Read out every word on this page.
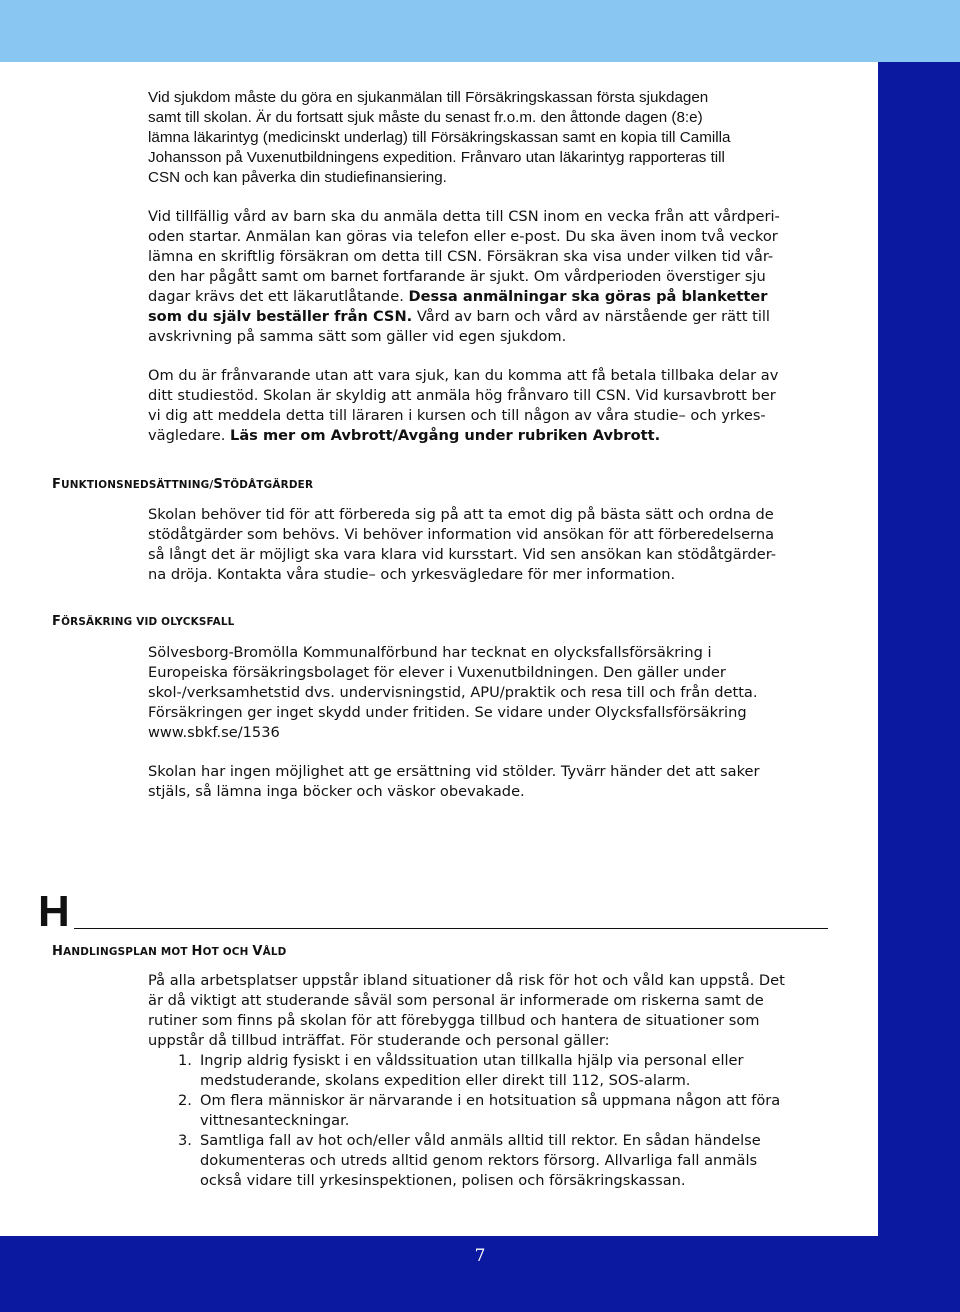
Vid sjukdom måste du göra en sjukanmälan till Försäkringskassan första sjukdagen
samt till skolan. Är du fortsatt sjuk måste du senast fr.o.m. den åttonde dagen (8:e)
lämna läkarintyg (medicinskt underlag) till Försäkringskassan samt en kopia till Camilla
Johansson på Vuxenutbildningens expedition. Frånvaro utan läkarintyg rapporteras till
CSN och kan påverka din studiefinansiering.
Vid tillfällig vård av barn ska du anmäla detta till CSN inom en vecka från att vårdperi-
oden startar. Anmälan kan göras via telefon eller e-post. Du ska även inom två veckor
lämna en skriftlig försäkran om detta till CSN. Försäkran ska visa under vilken tid vår-
den har pågått samt om barnet fortfarande är sjukt. Om vårdperioden överstiger sju
dagar krävs det ett läkarutlåtande. Dessa anmälningar ska göras på blanketter
som du själv beställer från CSN. Vård av barn och vård av närstående ger rätt till
avskrivning på samma sätt som gäller vid egen sjukdom.
Om du är frånvarande utan att vara sjuk, kan du komma att få betala tillbaka delar av
ditt studiestöd. Skolan är skyldig att anmäla hög frånvaro till CSN. Vid kursavbrott ber
vi dig att meddela detta till läraren i kursen och till någon av våra studie– och yrkes-
vägledare. Läs mer om Avbrott/Avgång under rubriken Avbrott.
FUNKTIONSNEDSÄTTNING/STÖDÅTGÄRDER
Skolan behöver tid för att förbereda sig på att ta emot dig på bästa sätt och ordna de
stödåtgärder som behövs. Vi behöver information vid ansökan för att förberedelserna
så långt det är möjligt ska vara klara vid kursstart. Vid sen ansökan kan stödåtgärder-
na dröja. Kontakta våra studie– och yrkesvägledare för mer information.
FÖRSÄKRING VID OLYCKSFALL
Sölvesborg-Bromölla Kommunalförbund har tecknat en olycksfallsförsäkring i
Europeiska försäkringsbolaget för elever i Vuxenutbildningen. Den gäller under
skol-/verksamhetstid dvs. undervisningstid, APU/praktik och resa till och från detta.
Försäkringen ger inget skydd under fritiden. Se vidare under Olycksfallsförsäkring
www.sbkf.se/1536
Skolan har ingen möjlighet att ge ersättning vid stölder. Tyvärr händer det att saker
stjäls, så lämna inga böcker och väskor obevakade.
H
HANDLINGSPLAN MOT HOT OCH VÅLD
På alla arbetsplatser uppstår ibland situationer då risk för hot och våld kan uppstå. Det
är då viktigt att studerande såväl som personal är informerade om riskerna samt de
rutiner som finns på skolan för att förebygga tillbud och hantera de situationer som
uppstår då tillbud inträffat. För studerande och personal gäller:
1. Ingrip aldrig fysiskt i en våldssituation utan tillkalla hjälp via personal eller
medstuderande, skolans expedition eller direkt till 112, SOS-alarm.
2. Om flera människor är närvarande i en hotsituation så uppmana någon att föra
vittnesanteckningar.
3. Samtliga fall av hot och/eller våld anmäls alltid till rektor. En sådan händelse
dokumenteras och utreds alltid genom rektors försorg. Allvarliga fall anmäls
också vidare till yrkesinspektionen, polisen och försäkringskassan.
7
